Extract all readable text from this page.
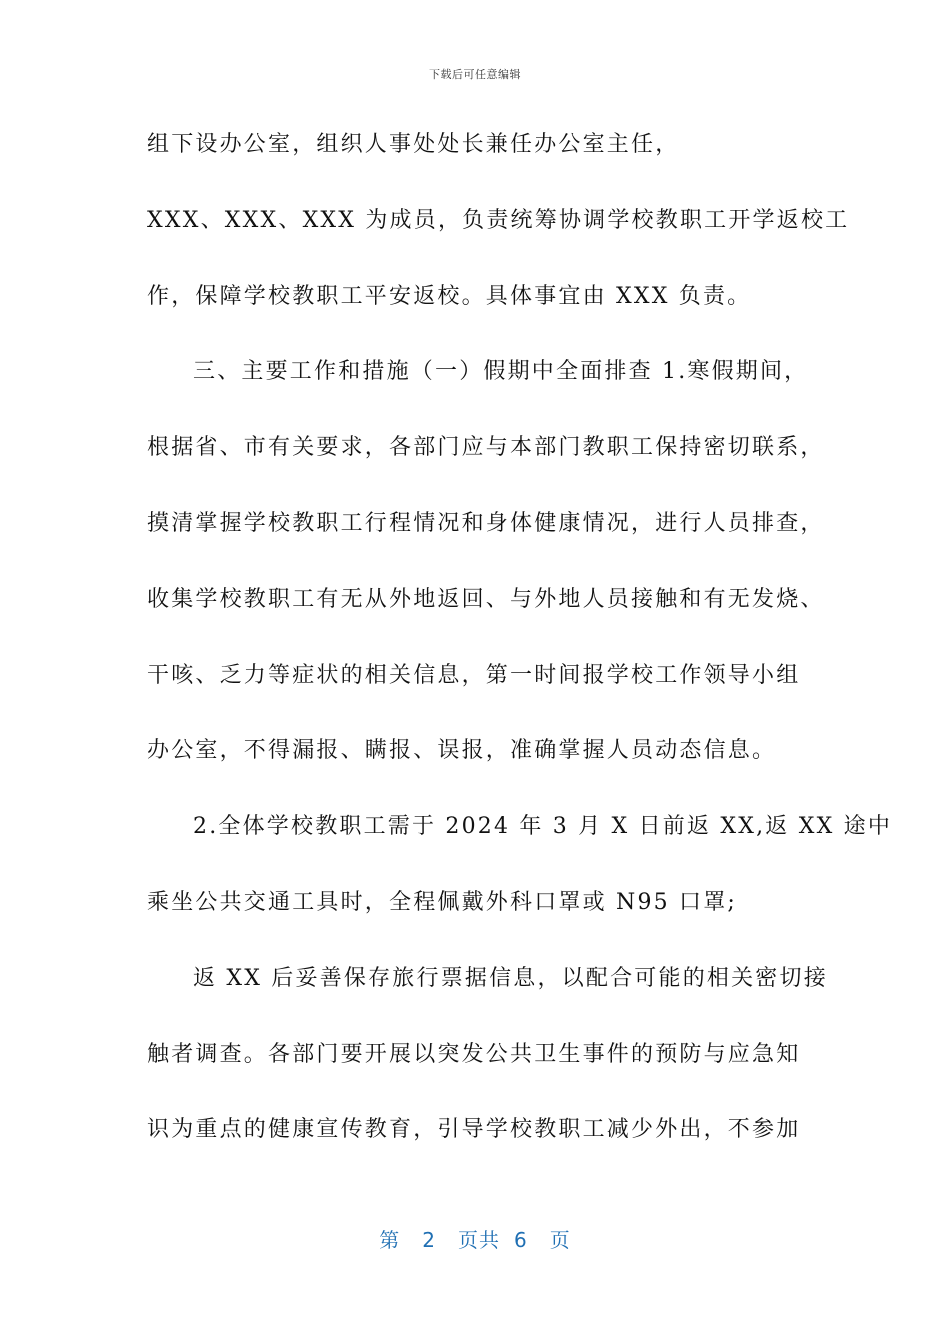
下载后可任意编辑
组下设办公室，组织人事处处长兼任办公室主任，
XXX、XXX、XXX 为成员，负责统筹协调学校教职工开学返校工
作，保障学校教职工平安返校。具体事宜由 XXX 负责。
三、主要工作和措施（一）假期中全面排查 1.寒假期间，
根据省、市有关要求，各部门应与本部门教职工保持密切联系，
摸清掌握学校教职工行程情况和身体健康情况，进行人员排查，
收集学校教职工有无从外地返回、与外地人员接触和有无发烧、
干咳、乏力等症状的相关信息，第一时间报学校工作领导小组
办公室，不得漏报、瞒报、误报，准确掌握人员动态信息。
2.全体学校教职工需于 2024 年 3 月 X 日前返 XX,返 XX 途中
乘坐公共交通工具时，全程佩戴外科口罩或 N95 口罩;
返 XX 后妥善保存旅行票据信息，以配合可能的相关密切接
触者调查。各部门要开展以突发公共卫生事件的预防与应急知
识为重点的健康宣传教育，引导学校教职工减少外出，不参加
第 2 页共 6 页
